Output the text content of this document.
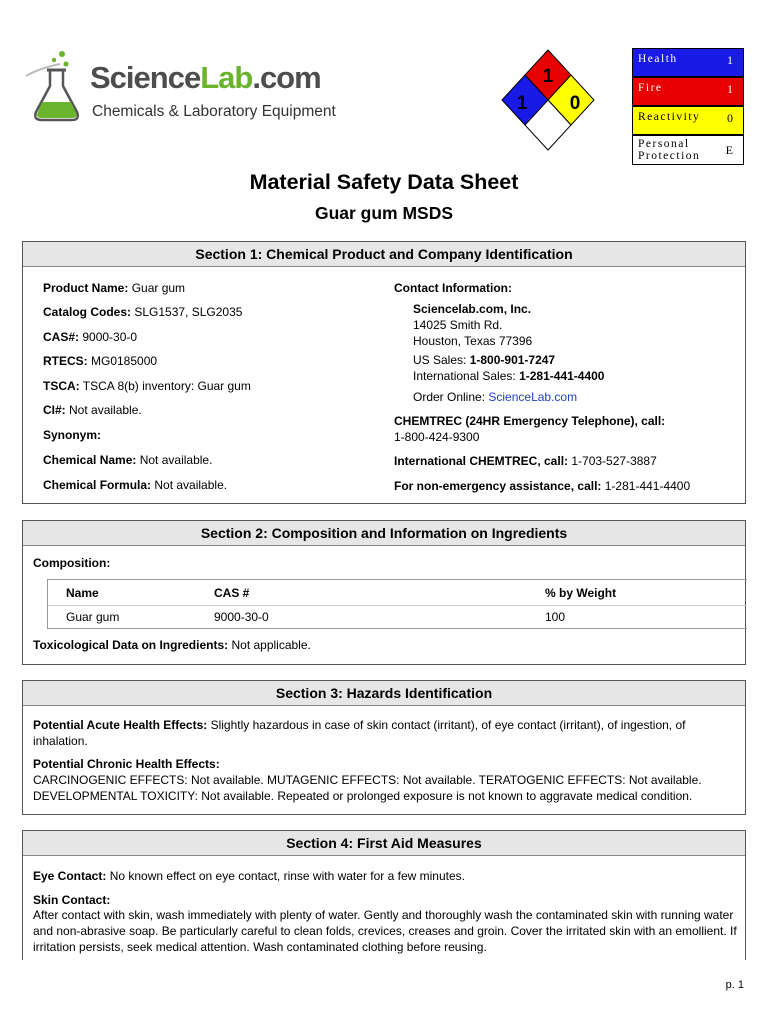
ScienceLab.com
Chemicals & Laboratory Equipment
1
1 0
Health	1
Fire	1
Reactivity 0
Personal
Protection E
Material Safety Data Sheet
Guar gum MSDS
Section 1: Chemical Product and Company Identification
Product Name: Guar gum
Catalog Codes: SLG1537, SLG2035
CAS#: 9000-30-0
RTECS: MG0185000
TSCA: TSCA 8(b) inventory: Guar gum
CI#: Not available.
Synonym:
Chemical Name: Not available.
Chemical Formula: Not available.
Contact Information:
Sciencelab.com, Inc.
14025 Smith Rd.
Houston, Texas 77396
US Sales: 1-800-901-7247
International Sales: 1-281-441-4400
Order Online: ScienceLab.com
CHEMTREC (24HR Emergency Telephone), call:
1-800-424-9300
International CHEMTREC, call: 1-703-527-3887
For non-emergency assistance, call: 1-281-441-4400
Section 2: Composition and Information on Ingredients
Composition:
Name	CAS #	% by Weight
Guar gum	9000-30-0	100
Toxicological Data on Ingredients: Not applicable.
Section 3: Hazards Identification
Potential Acute Health Effects: Slightly hazardous in case of skin contact (irritant), of eye contact (irritant), of ingestion, of inhalation.
Potential Chronic Health Effects:
CARCINOGENIC EFFECTS: Not available. MUTAGENIC EFFECTS: Not available. TERATOGENIC EFFECTS: Not available. DEVELOPMENTAL TOXICITY: Not available. Repeated or prolonged exposure is not known to aggravate medical condition.
Section 4: First Aid Measures
Eye Contact: No known effect on eye contact, rinse with water for a few minutes.
Skin Contact:
After contact with skin, wash immediately with plenty of water. Gently and thoroughly wash the contaminated skin with running water and non-abrasive soap. Be particularly careful to clean folds, crevices, creases and groin. Cover the irritated skin with an emollient. If irritation persists, seek medical attention. Wash contaminated clothing before reusing.
p. 1
